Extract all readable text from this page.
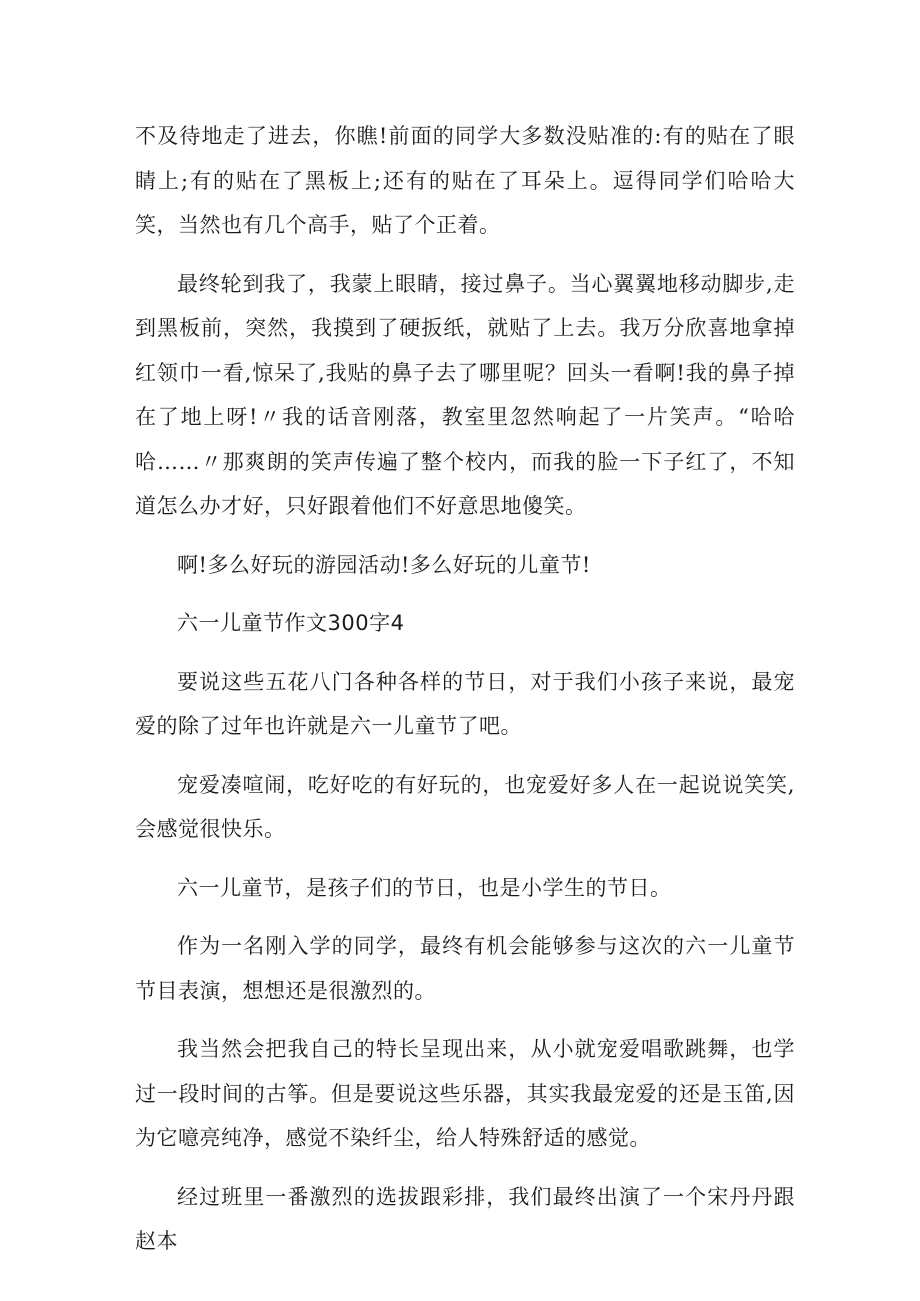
不及待地走了进去，你瞧!前面的同学大多数没贴准的:有的贴在了眼睛上;有的贴在了黑板上;还有的贴在了耳朵上。逗得同学们哈哈大笑，当然也有几个高手，贴了个正着。

最终轮到我了，我蒙上眼睛，接过鼻子。当心翼翼地移动脚步,走到黑板前，突然，我摸到了硬扳纸，就贴了上去。我万分欣喜地拿掉红领巾一看,惊呆了,我贴的鼻子去了哪里呢？回头一看啊!我的鼻子掉在了地上呀!〃我的话音刚落，教室里忽然响起了一片笑声。“哈哈哈……〃那爽朗的笑声传遍了整个校内，而我的脸一下子红了，不知道怎么办才好，只好跟着他们不好意思地傻笑。

啊!多么好玩的游园活动!多么好玩的儿童节!

六一儿童节作文300字4

要说这些五花八门各种各样的节日，对于我们小孩子来说，最宠爱的除了过年也许就是六一儿童节了吧。

宠爱凑喧闹，吃好吃的有好玩的，也宠爱好多人在一起说说笑笑,会感觉很快乐。

六一儿童节，是孩子们的节日，也是小学生的节日。

作为一名刚入学的同学，最终有机会能够参与这次的六一儿童节节目表演，想想还是很激烈的。

我当然会把我自己的特长呈现出来，从小就宠爱唱歌跳舞，也学过一段时间的古筝。但是要说这些乐器，其实我最宠爱的还是玉笛,因为它噫亮纯净，感觉不染纤尘，给人特殊舒适的感觉。

经过班里一番激烈的选拔跟彩排，我们最终出演了一个宋丹丹跟赵本
